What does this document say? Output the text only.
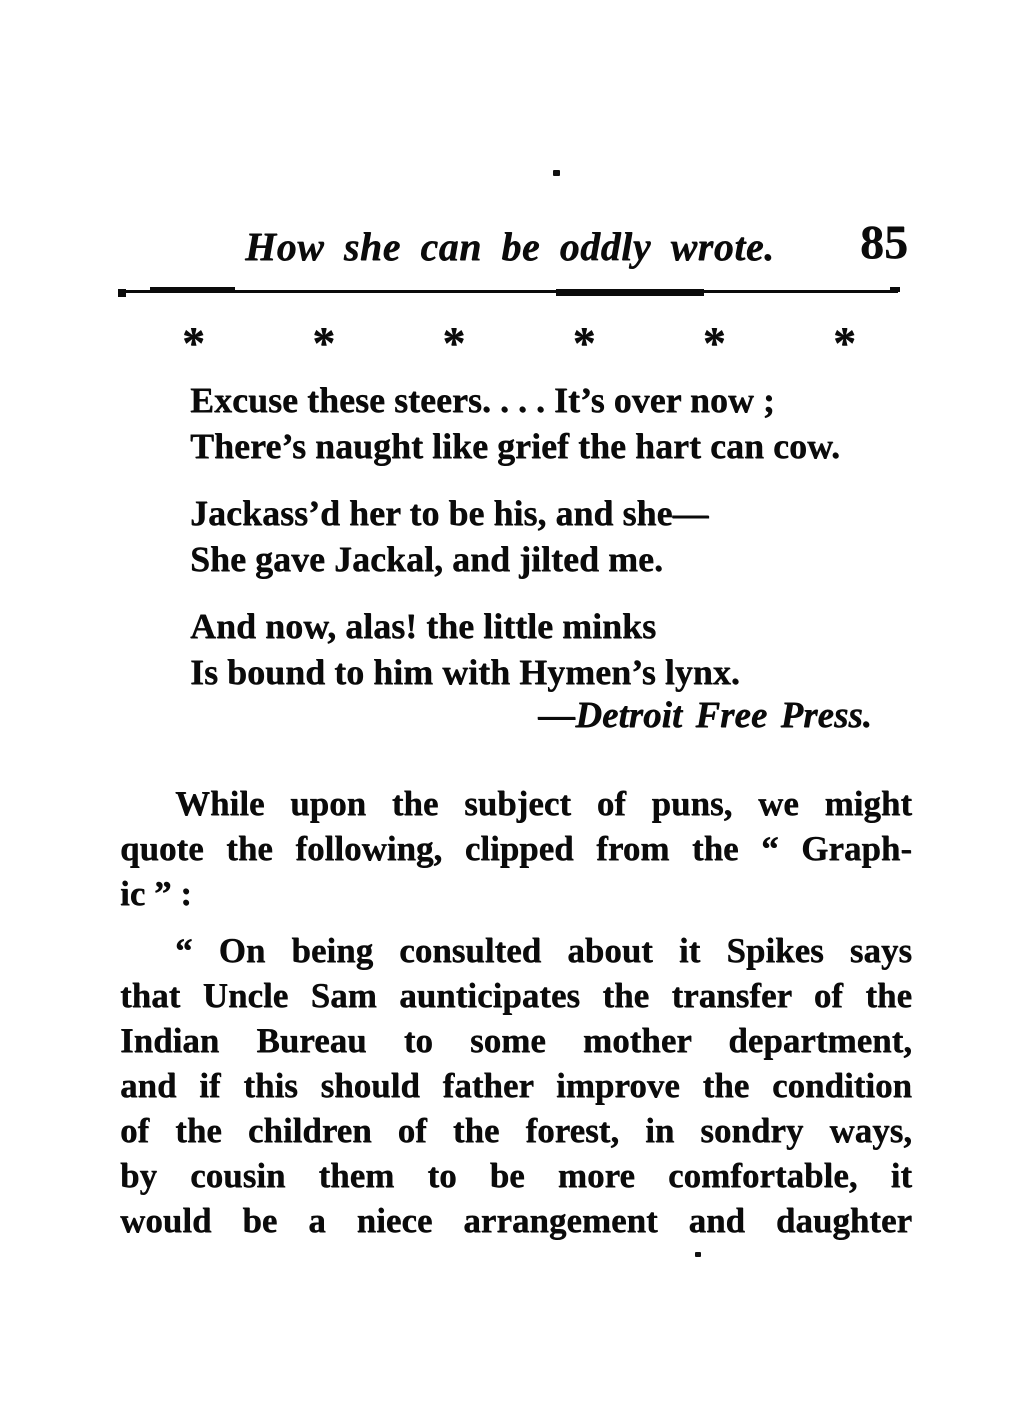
How she can be oddly wrote. 85
* * * * * *
Excuse these steers. . . . It’s over now ;
There’s naught like grief the hart can cow.
Jackass’d her to be his, and she—
She gave Jackal, and jilted me.
And now, alas! the little minks
Is bound to him with Hymen’s lynx.
—Detroit Free Press.
While upon the subject of puns, we might
quote the following, clipped from the “ Graph-
ic ” :
“ On being consulted about it Spikes says
that Uncle Sam aunticipates the transfer of the
Indian Bureau to some mother department,
and if this should father improve the condition
of the children of the forest, in sondry ways,
by cousin them to be more comfortable, it
would be a niece arrangement and daughter
